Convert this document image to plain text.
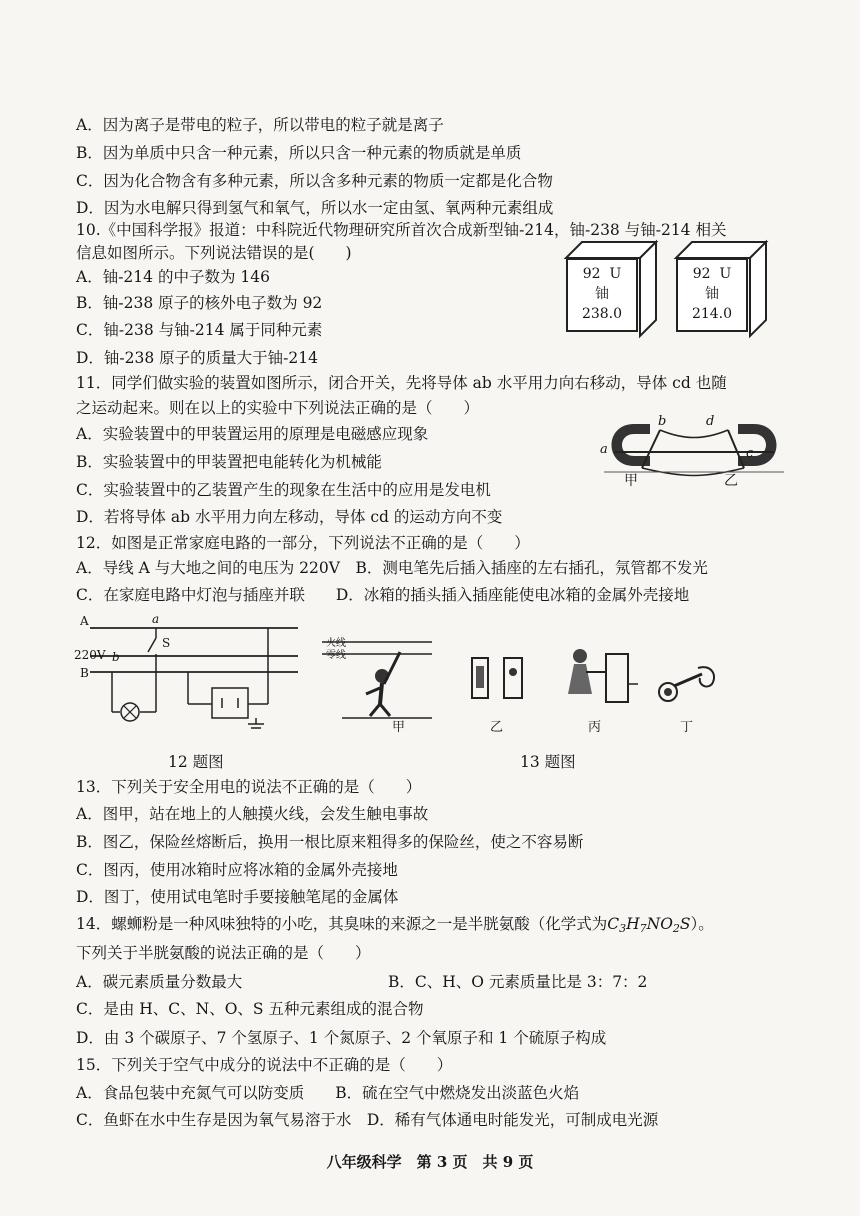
A．因为离子是带电的粒子，所以带电的粒子就是离子
B．因为单质中只含一种元素，所以只含一种元素的物质就是单质
C．因为化合物含有多种元素，所以含多种元素的物质一定都是化合物
D．因为水电解只得到氢气和氧气，所以水一定由氢、氧两种元素组成
10.《中国科学报》报道：中科院近代物理研究所首次合成新型铀-214，铀-238 与铀-214 相关
信息如图所示。下列说法错误的是(　　)
A．铀-214 的中子数为 146
B．铀-238 原子的核外电子数为 92
C．铀-238 与铀-214 属于同种元素
D．铀-238 原子的质量大于铀-214
92 U
铀
238.0
92 U
铀
214.0
11．同学们做实验的装置如图所示，闭合开关，先将导体 ab 水平用力向右移动，导体 cd 也随
之运动起来。则在以上的实验中下列说法正确的是（　　）
A．实验装置中的甲装置运用的原理是电磁感应现象
B．实验装置中的甲装置把电能转化为机械能
C．实验装置中的乙装置产生的现象在生活中的应用是发电机
D．若将导体 ab 水平用力向左移动，导体 cd 的运动方向不变
a
b
c
d
甲	乙
12．如图是正常家庭电路的一部分，下列说法不正确的是（　　）
A．导线 A 与大地之间的电压为 220V　B．测电笔先后插入插座的左右插孔，氖管都不发光
C．在家庭电路中灯泡与插座并联　　D．冰箱的插头插入插座能使电冰箱的金属外壳接地
A
220V
B
a
b
S	火线
零线
甲	乙	丙	丁
12 题图	13 题图
13．下列关于安全用电的说法不正确的是（　　）
A．图甲，站在地上的人触摸火线，会发生触电事故
B．图乙，保险丝熔断后，换用一根比原来粗得多的保险丝，使之不容易断
C．图丙，使用冰箱时应将冰箱的金属外壳接地
D．图丁，使用试电笔时手要接触笔尾的金属体
14．螺蛳粉是一种风味独特的小吃，其臭味的来源之一是半胱氨酸（化学式为$C_3H_7NO_2S$）。
下列关于半胱氨酸的说法正确的是（　　）
A．碳元素质量分数最大	B．C、H、O 元素质量比是 3：7：2
C．是由 H、C、N、O、S 五种元素组成的混合物
D．由 3 个碳原子、7 个氢原子、1 个氮原子、2 个氧原子和 1 个硫原子构成
15．下列关于空气中成分的说法中不正确的是（　　）
A．食品包装中充氮气可以防变质　　B．硫在空气中燃烧发出淡蓝色火焰
C．鱼虾在水中生存是因为氧气易溶于水　D．稀有气体通电时能发光，可制成电光源
八年级科学　第 3 页　共 9 页
